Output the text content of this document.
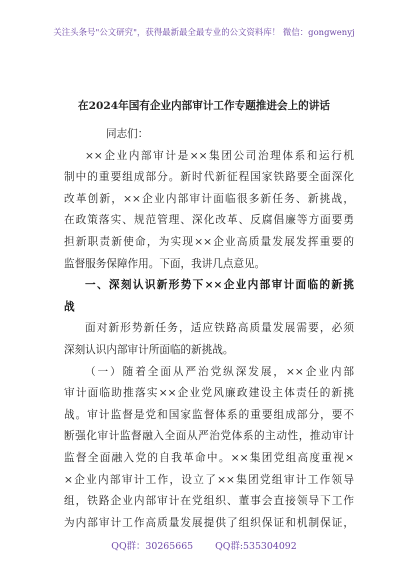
关注头条号"公文研究"，获得最新最全最专业的公文资料库！ 微信：gongwenyj
在2024年国有企业内部审计工作专题推进会上的讲话
同志们：
××企业内部审计是××集团公司治理体系和运行机
制中的重要组成部分。新时代新征程国家铁路要全面深化
改革创新，××企业内部审计面临很多新任务、新挑战，
在政策落实、规范管理、深化改革、反腐倡廉等方面要勇
担新职责新使命，为实现××企业高质量发展发挥重要的
监督服务保障作用。下面，我讲几点意见。
一、深刻认识新形势下××企业内部审计面临的新挑
战
面对新形势新任务，适应铁路高质量发展需要，必须
深刻认识内部审计所面临的新挑战。
（一）随着全面从严治党纵深发展，××企业内部
审计面临助推落实××企业党风廉政建设主体责任的新挑
战。审计监督是党和国家监督体系的重要组成部分，要不
断强化审计监督融入全面从严治党体系的主动性，推动审计
监督全面融入党的自我革命中。××集团党组高度重视×
×企业内部审计工作，设立了××集团党组审计工作领导
组，铁路企业内部审计在党组织、董事会直接领导下工作
为内部审计工作高质量发展提供了组织保证和机制保证，
QQ群：30265665 QQ群:535304092
